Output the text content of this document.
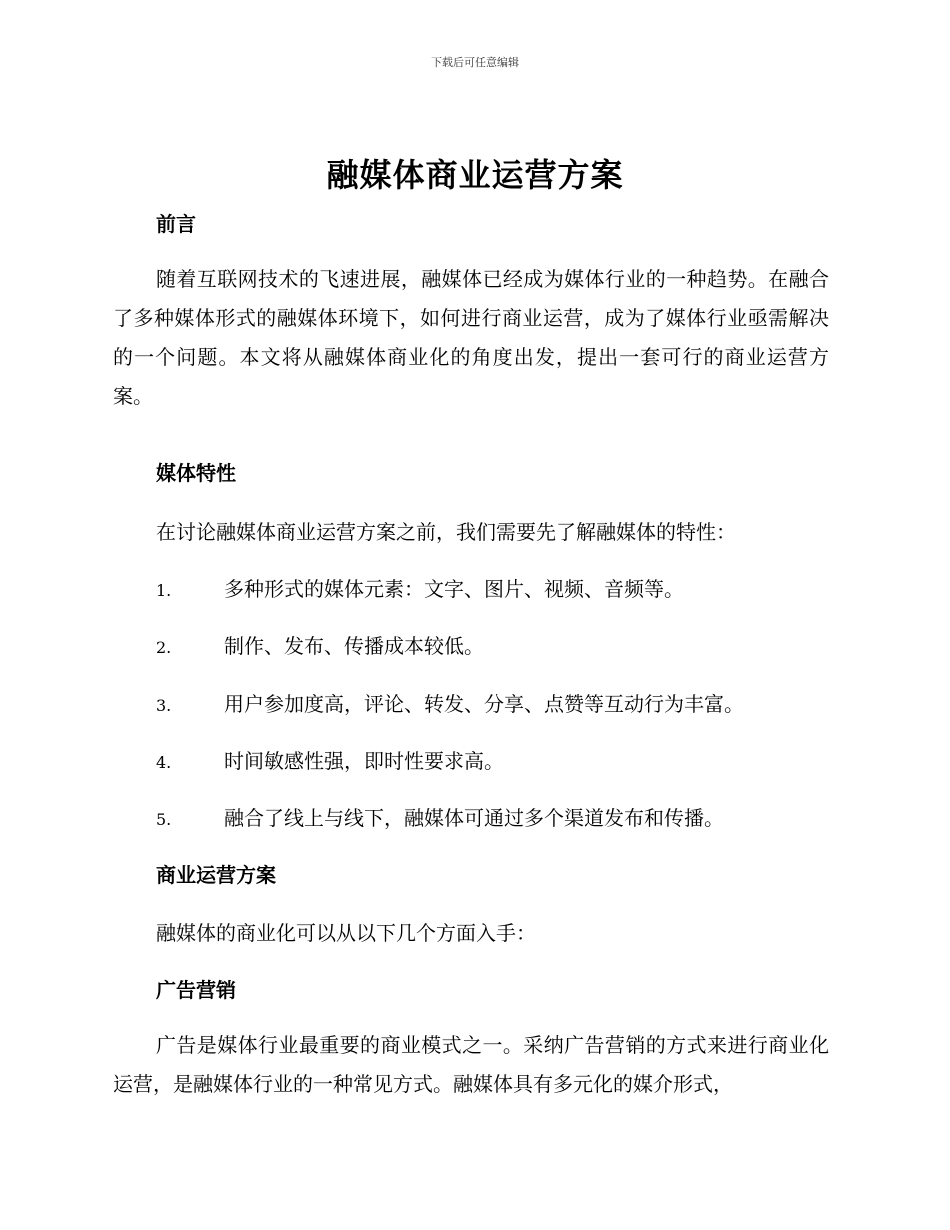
下载后可任意编辑
融媒体商业运营方案
前言
随着互联网技术的飞速进展，融媒体已经成为媒体行业的一种趋势。在融合了多种媒体形式的融媒体环境下，如何进行商业运营，成为了媒体行业亟需解决的一个问题。本文将从融媒体商业化的角度出发，提出一套可行的商业运营方案。
媒体特性
在讨论融媒体商业运营方案之前，我们需要先了解融媒体的特性：
1.	多种形式的媒体元素：文字、图片、视频、音频等。
2.	制作、发布、传播成本较低。
3.	用户参加度高，评论、转发、分享、点赞等互动行为丰富。
4.	时间敏感性强，即时性要求高。
5.	融合了线上与线下，融媒体可通过多个渠道发布和传播。
商业运营方案
融媒体的商业化可以从以下几个方面入手：
广告营销
广告是媒体行业最重要的商业模式之一。采纳广告营销的方式来进行商业化运营，是融媒体行业的一种常见方式。融媒体具有多元化的媒介形式，
